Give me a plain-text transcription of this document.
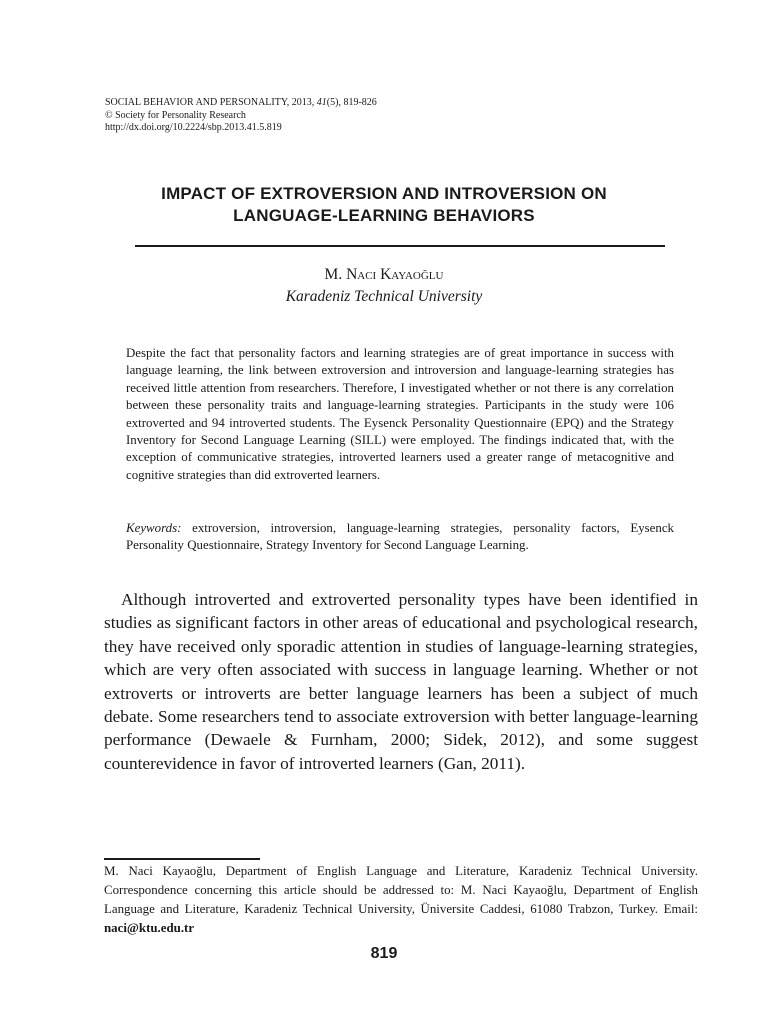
SOCIAL BEHAVIOR AND PERSONALITY, 2013, 41(5), 819-826
© Society for Personality Research
http://dx.doi.org/10.2224/sbp.2013.41.5.819
IMPACT OF EXTROVERSION AND INTROVERSION ON
LANGUAGE-LEARNING BEHAVIORS
M. Naci Kayaoğlu
Karadeniz Technical University
Despite the fact that personality factors and learning strategies are of great importance in success with language learning, the link between extroversion and introversion and language-learning strategies has received little attention from researchers. Therefore, I investigated whether or not there is any correlation between these personality traits and language-learning strategies. Participants in the study were 106 extroverted and 94 introverted students. The Eysenck Personality Questionnaire (EPQ) and the Strategy Inventory for Second Language Learning (SILL) were employed. The findings indicated that, with the exception of communicative strategies, introverted learners used a greater range of metacognitive and cognitive strategies than did extroverted learners.
Keywords: extroversion, introversion, language-learning strategies, personality factors, Eysenck Personality Questionnaire, Strategy Inventory for Second Language Learning.
Although introverted and extroverted personality types have been identified in studies as significant factors in other areas of educational and psychological research, they have received only sporadic attention in studies of language-learning strategies, which are very often associated with success in language learning. Whether or not extroverts or introverts are better language learners has been a subject of much debate. Some researchers tend to associate extroversion with better language-learning performance (Dewaele & Furnham, 2000; Sidek, 2012), and some suggest counterevidence in favor of introverted learners (Gan, 2011).
M. Naci Kayaoğlu, Department of English Language and Literature, Karadeniz Technical University. Correspondence concerning this article should be addressed to: M. Naci Kayaoğlu, Department of English Language and Literature, Karadeniz Technical University, Üniversite Caddesi, 61080 Trabzon, Turkey. Email: naci@ktu.edu.tr
819
